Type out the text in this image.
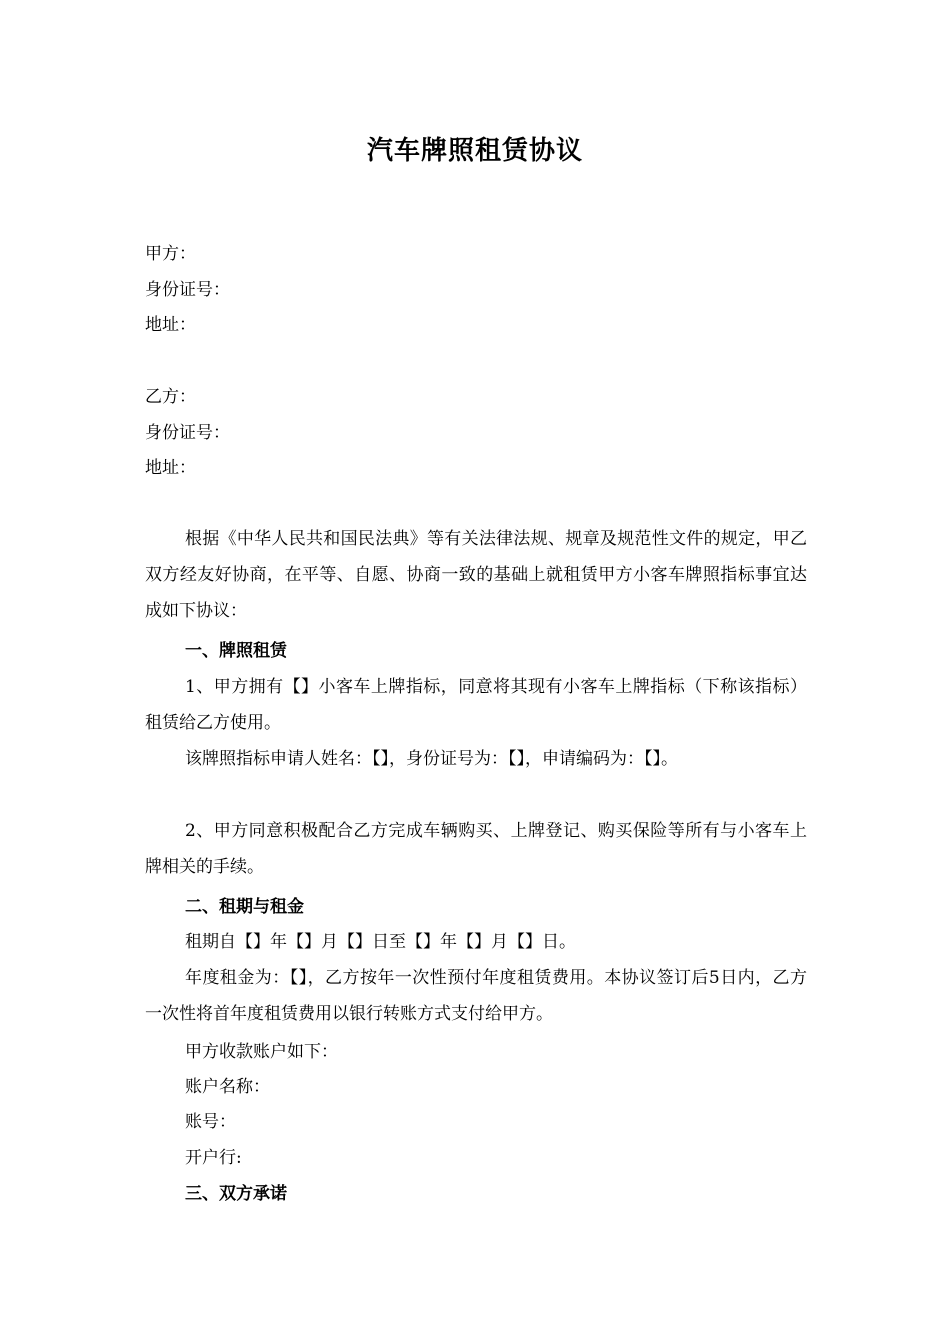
汽车牌照租赁协议
甲方：
身份证号：
地址：
乙方：
身份证号：
地址：
根据《中华人民共和国民法典》等有关法律法规、规章及规范性文件的规定，甲乙双方经友好协商，在平等、自愿、协商一致的基础上就租赁甲方小客车牌照指标事宜达成如下协议：
一、牌照租赁
1、甲方拥有【】小客车上牌指标，同意将其现有小客车上牌指标（下称该指标）租赁给乙方使用。
该牌照指标申请人姓名：【】，身份证号为：【】，申请编码为：【】。
2、甲方同意积极配合乙方完成车辆购买、上牌登记、购买保险等所有与小客车上牌相关的手续。
二、租期与租金
租期自【】年【】月【】日至【】年【】月【】日。
年度租金为：【】，乙方按年一次性预付年度租赁费用。本协议签订后5日内，乙方一次性将首年度租赁费用以银行转账方式支付给甲方。
甲方收款账户如下：
账户名称：
账号：
开户行:
三、双方承诺
